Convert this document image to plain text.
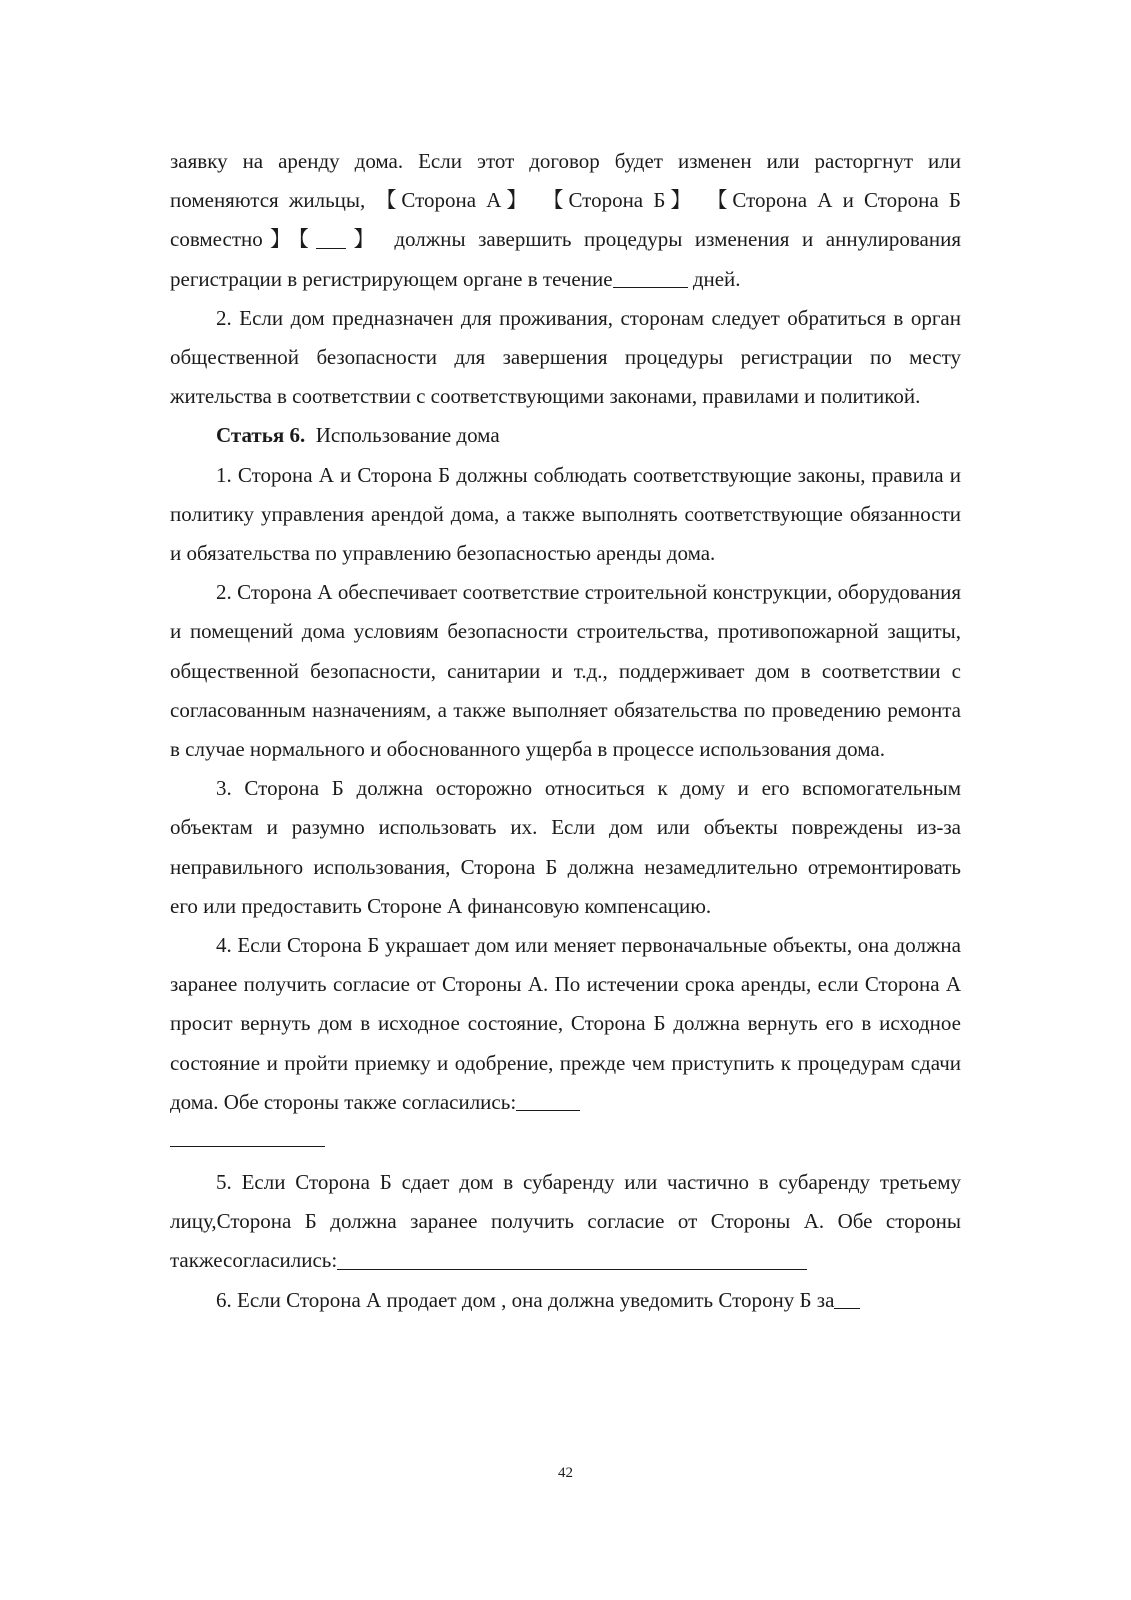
заявку на аренду дома. Если этот договор будет изменен или расторгнут или
поменяются жильцы, 【Сторона А】 【Сторона Б】 【Сторона А и Сторона Б
совместно】【 】 должны завершить процедуры изменения и аннулирования
регистрации в регистрирующем органе в течение	дней.

2. Если дом предназначен для проживания, сторонам следует обратиться в орган общественной безопасности для завершения процедуры регистрации по месту жительства в соответствии с соответствующими законами, правилами и политикой.

Статья 6. Использование дома

1. Сторона А и Сторона Б должны соблюдать соответствующие законы, правила и политику управления арендой дома, а также выполнять соответствующие обязанности и обязательства по управлению безопасностью аренды дома.

2. Сторона А обеспечивает соответствие строительной конструкции, оборудования и помещений дома условиям безопасности строительства, противопожарной защиты, общественной безопасности, санитарии и т.д., поддерживает дом в соответствии с согласованным назначениям, а также выполняет обязательства по проведению ремонта в случае нормального и обоснованного ущерба в процессе использования дома.

3. Сторона Б должна осторожно относиться к дому и его вспомогательным объектам и разумно использовать их. Если дом или объекты повреждены из-за неправильного использования, Сторона Б должна незамедлительно отремонтировать его или предоставить Стороне А финансовую компенсацию.

4. Если Сторона Б украшает дом или меняет первоначальные объекты, она должна заранее получить согласие от Стороны А. По истечении срока аренды, если Сторона А просит вернуть дом в исходное состояние, Сторона Б должна вернуть его в исходное состояние и пройти приемку и одобрение, прежде чем приступить к процедурам сдачи дома. Обе стороны также согласились:

5. Если Сторона Б сдает дом в субаренду или частично в субаренду третьему лицу,Сторона Б должна заранее получить согласие от Стороны А. Обе стороны такжесогласились:

6. Если Сторона А продает дом , она должна уведомить Сторону Б за

42
